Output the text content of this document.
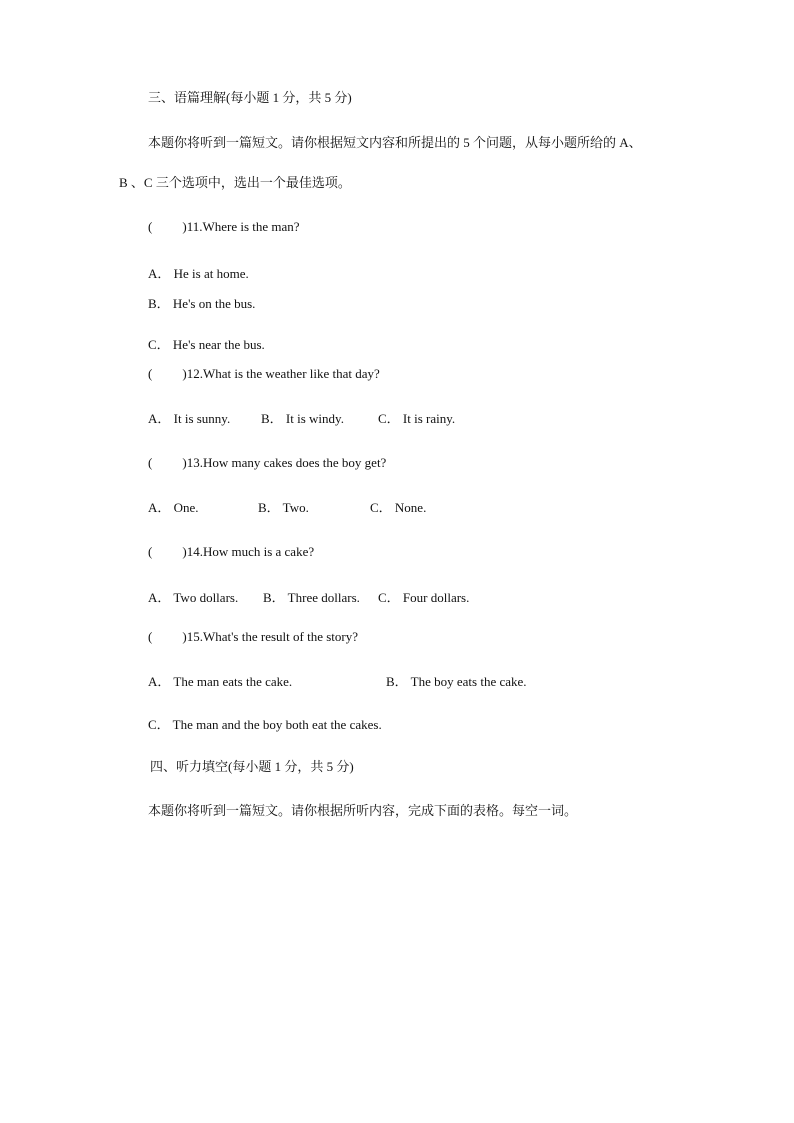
三、语篇理解(每小题 1 分，共 5 分)
本题你将听到一篇短文。请你根据短文内容和所提出的 5 个问题，从每小题所给的 A、
B 、C 三个选项中，选出一个最佳选项。
( )11.Where is the man?
A． He is at home.
B． He's on the bus.
C． He's near the bus.
( )12.What is the weather like that day?
A． It is sunny. B． It is windy.	C． It is rainy.
( )13.How many cakes does the boy get?
A． One.	B． Two.	C． None.
( )14.How much is a cake?
A． Two dollars. B． Three dollars. C． Four dollars.
( )15.What's the result of the story?
A． The man eats the cake.	B． The boy eats the cake.
C． The man and the boy both eat the cakes.
四、听力填空(每小题 1 分，共 5 分)
本题你将听到一篇短文。请你根据所听内容，完成下面的表格。每空一词。
